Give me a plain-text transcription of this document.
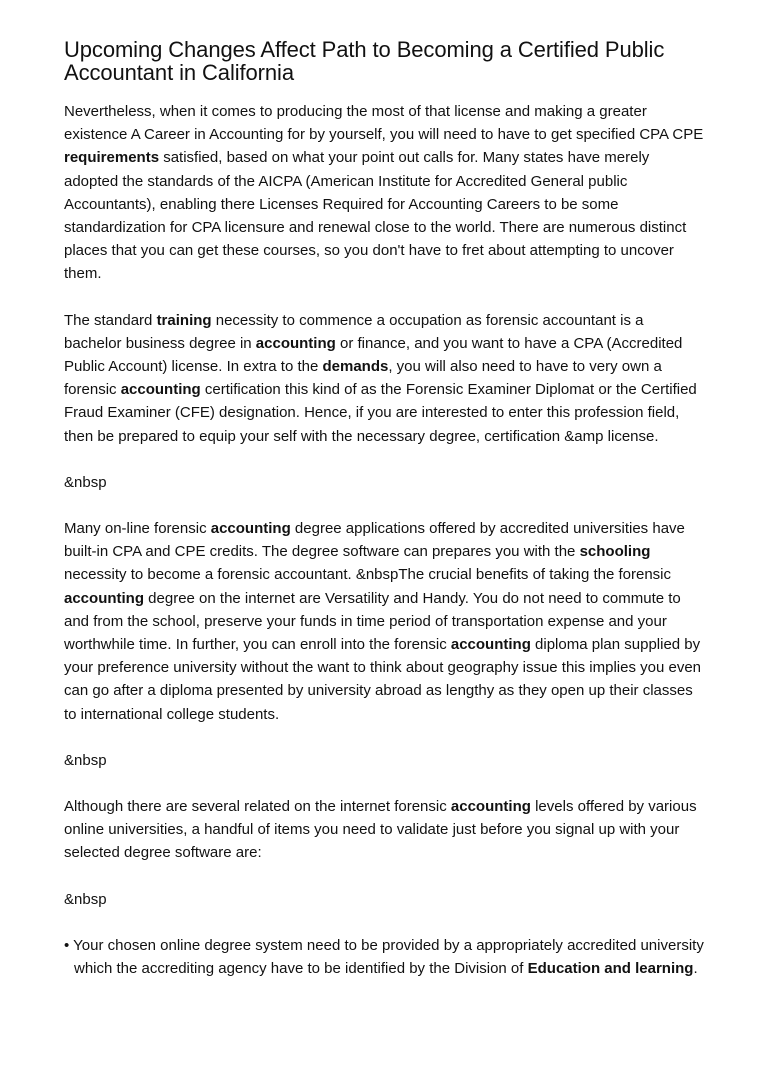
Upcoming Changes Affect Path to Becoming a Certified Public Accountant in California

Nevertheless, when it comes to producing the most of that license and making a greater existence A Career in Accounting for by yourself, you will need to have to get specified CPA CPE requirements satisfied, based on what your point out calls for. Many states have merely adopted the standards of the AICPA (American Institute for Accredited General public Accountants), enabling there Licenses Required for Accounting Careers to be some standardization for CPA licensure and renewal close to the world. There are numerous distinct places that you can get these courses, so you don't have to fret about attempting to uncover them.

The standard training necessity to commence a occupation as forensic accountant is a bachelor business degree in accounting or finance, and you want to have a CPA (Accredited Public Account) license. In extra to the demands, you will also need to have to very own a forensic accounting certification this kind of as the Forensic Examiner Diplomat or the Certified Fraud Examiner (CFE) designation. Hence, if you are interested to enter this profession field, then be prepared to equip your self with the necessary degree, certification &amp license.

&nbsp

Many on-line forensic accounting degree applications offered by accredited universities have built-in CPA and CPE credits. The degree software can prepares you with the schooling necessity to become a forensic accountant. &nbspThe crucial benefits of taking the forensic accounting degree on the internet are Versatility and Handy. You do not need to commute to and from the school, preserve your funds in time period of transportation expense and your worthwhile time. In further, you can enroll into the forensic accounting diploma plan supplied by your preference university without the want to think about geography issue this implies you even can go after a diploma presented by university abroad as lengthy as they open up their classes to international college students.

&nbsp

Although there are several related on the internet forensic accounting levels offered by various online universities, a handful of items you need to validate just before you signal up with your selected degree software are:

&nbsp

• Your chosen online degree system need to be provided by a appropriately accredited university which the accrediting agency have to be identified by the Division of Education and learning.
